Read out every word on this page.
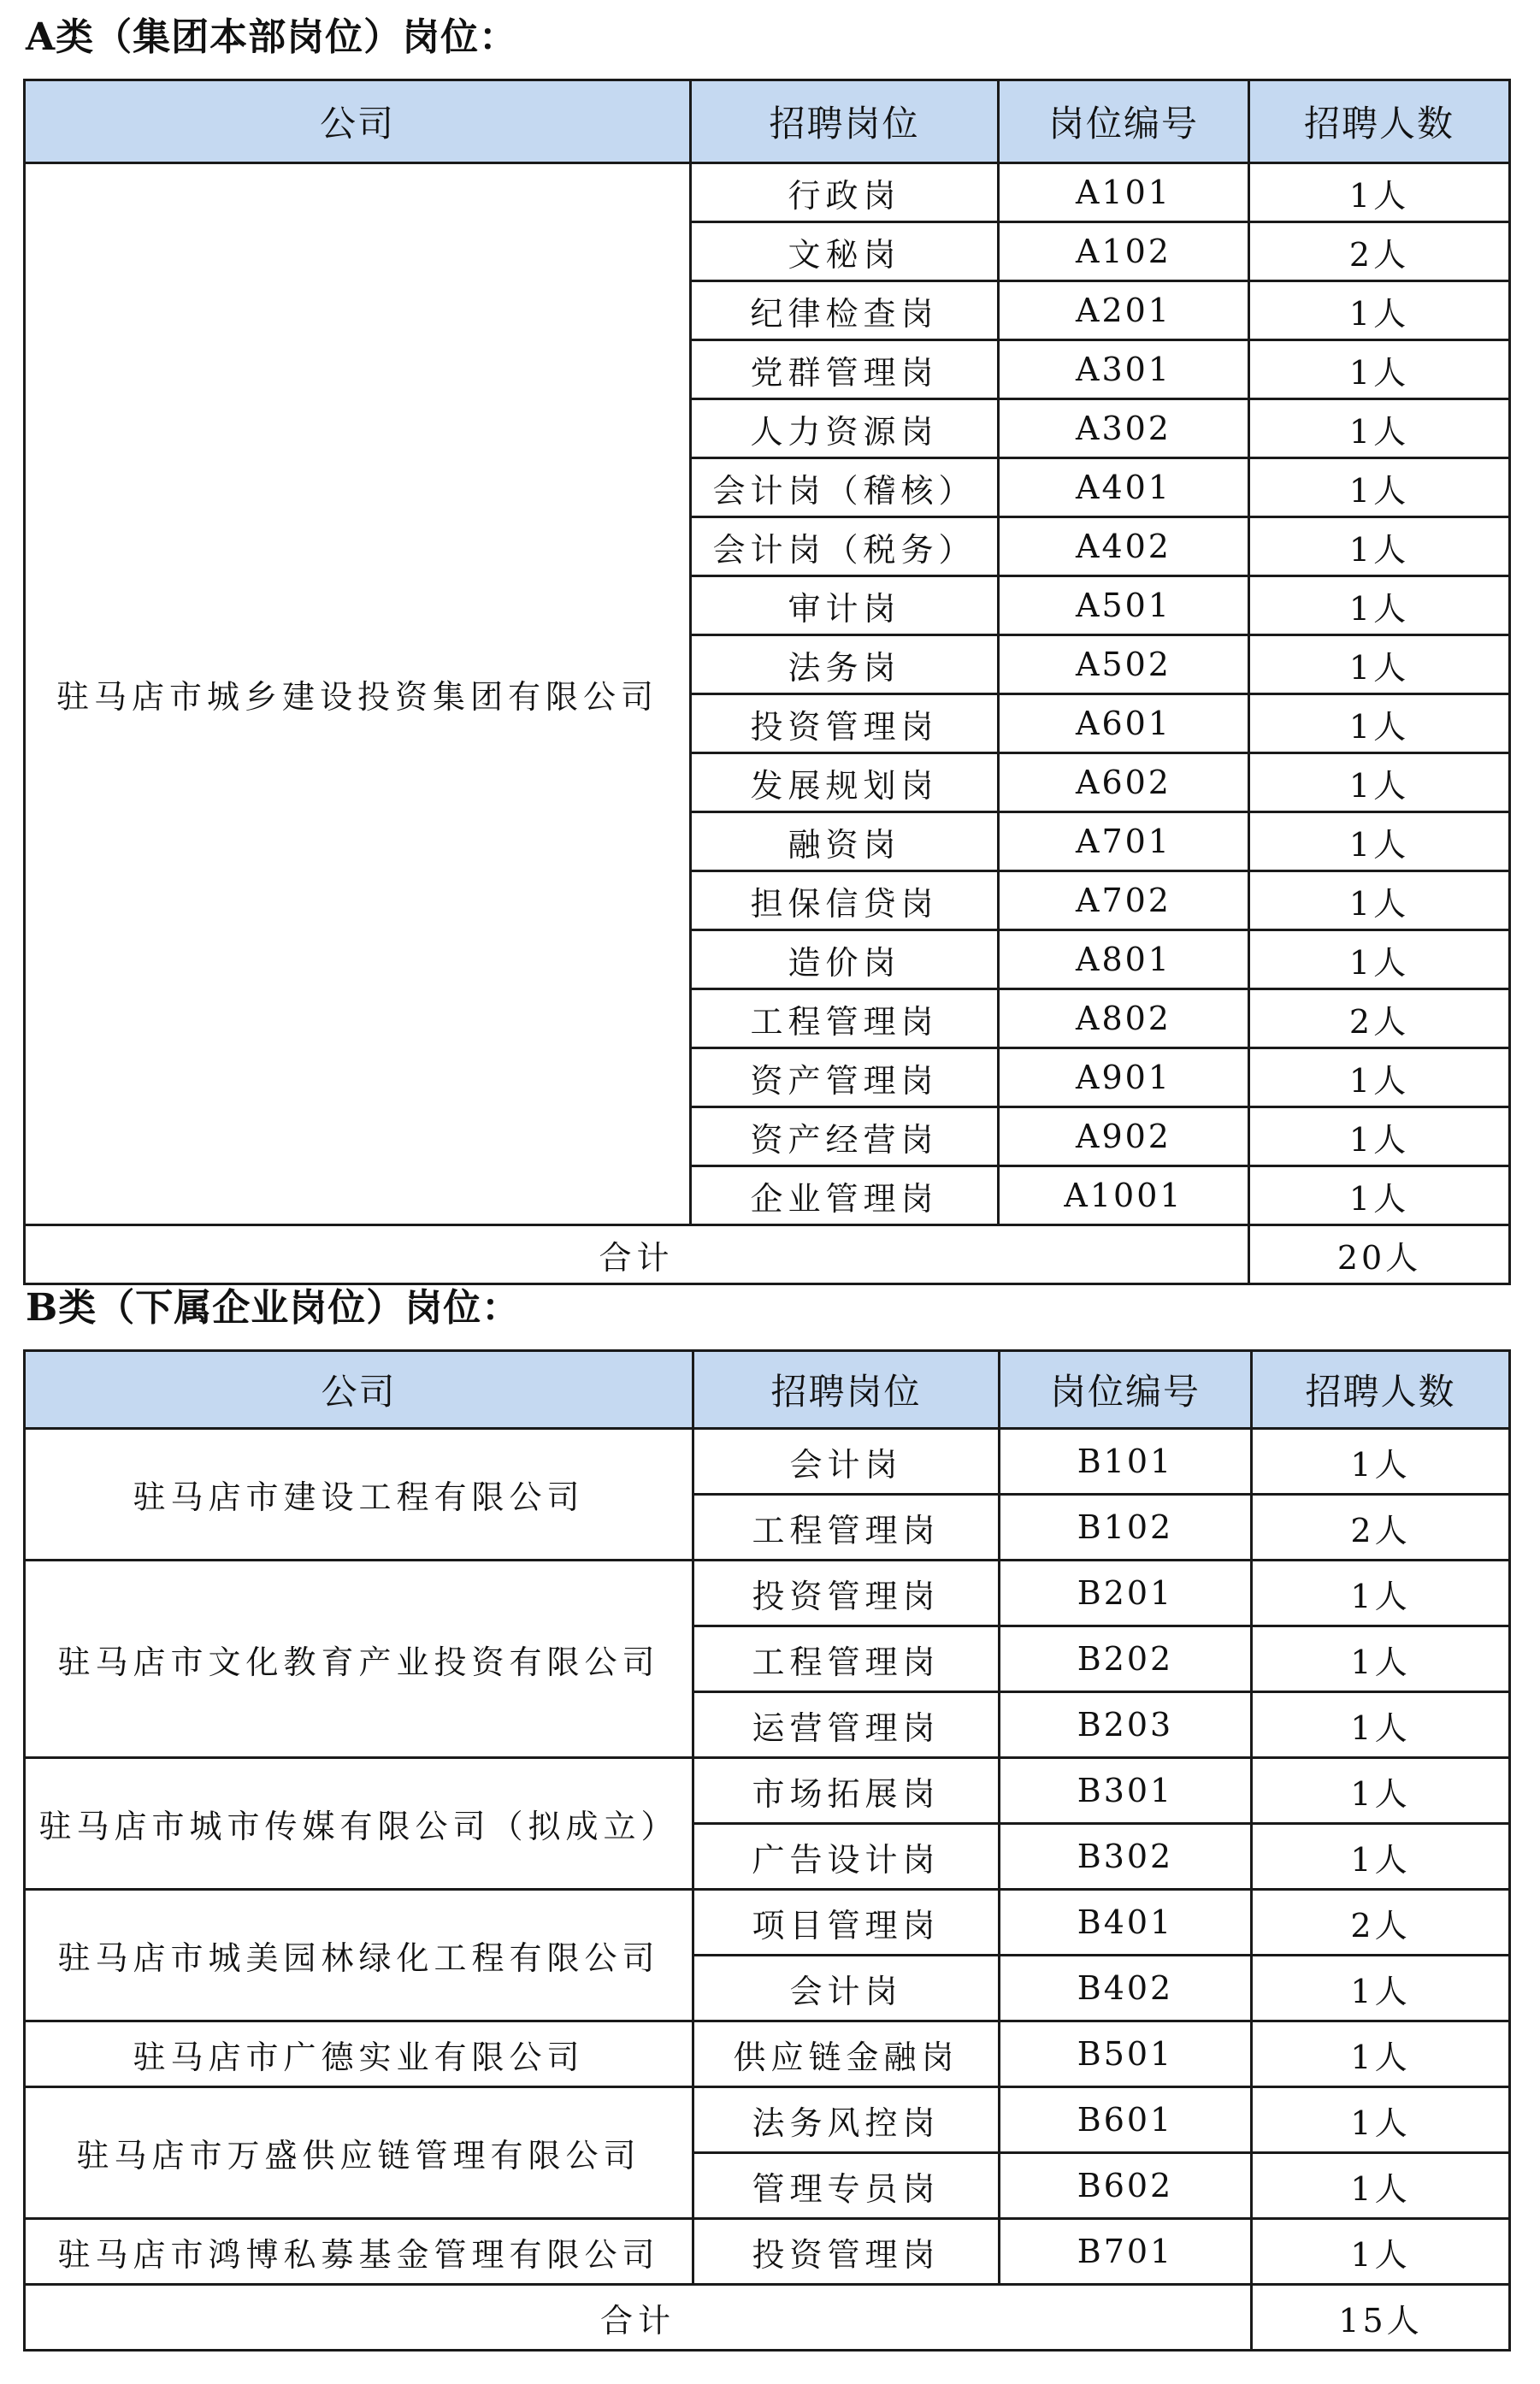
A类（集团本部岗位）岗位：
公司	招聘岗位	岗位编号	招聘人数
驻马店市城乡建设投资集团有限公司	行政岗	A101	1人
	文秘岗	A102	2人
	纪律检查岗	A201	1人
	党群管理岗	A301	1人
	人力资源岗	A302	1人
	会计岗（稽核）	A401	1人
	会计岗（税务）	A402	1人
	审计岗	A501	1人
	法务岗	A502	1人
	投资管理岗	A601	1人
	发展规划岗	A602	1人
	融资岗	A701	1人
	担保信贷岗	A702	1人
	造价岗	A801	1人
	工程管理岗	A802	2人
	资产管理岗	A901	1人
	资产经营岗	A902	1人
	企业管理岗	A1001	1人
合计			20人
B类（下属企业岗位）岗位：
公司	招聘岗位	岗位编号	招聘人数
驻马店市建设工程有限公司	会计岗	B101	1人
	工程管理岗	B102	2人
驻马店市文化教育产业投资有限公司	投资管理岗	B201	1人
	工程管理岗	B202	1人
	运营管理岗	B203	1人
驻马店市城市传媒有限公司（拟成立）	市场拓展岗	B301	1人
	广告设计岗	B302	1人
驻马店市城美园林绿化工程有限公司	项目管理岗	B401	2人
	会计岗	B402	1人
驻马店市广德实业有限公司	供应链金融岗	B501	1人
驻马店市万盛供应链管理有限公司	法务风控岗	B601	1人
	管理专员岗	B602	1人
驻马店市鸿博私募基金管理有限公司	投资管理岗	B701	1人
合计			15人
